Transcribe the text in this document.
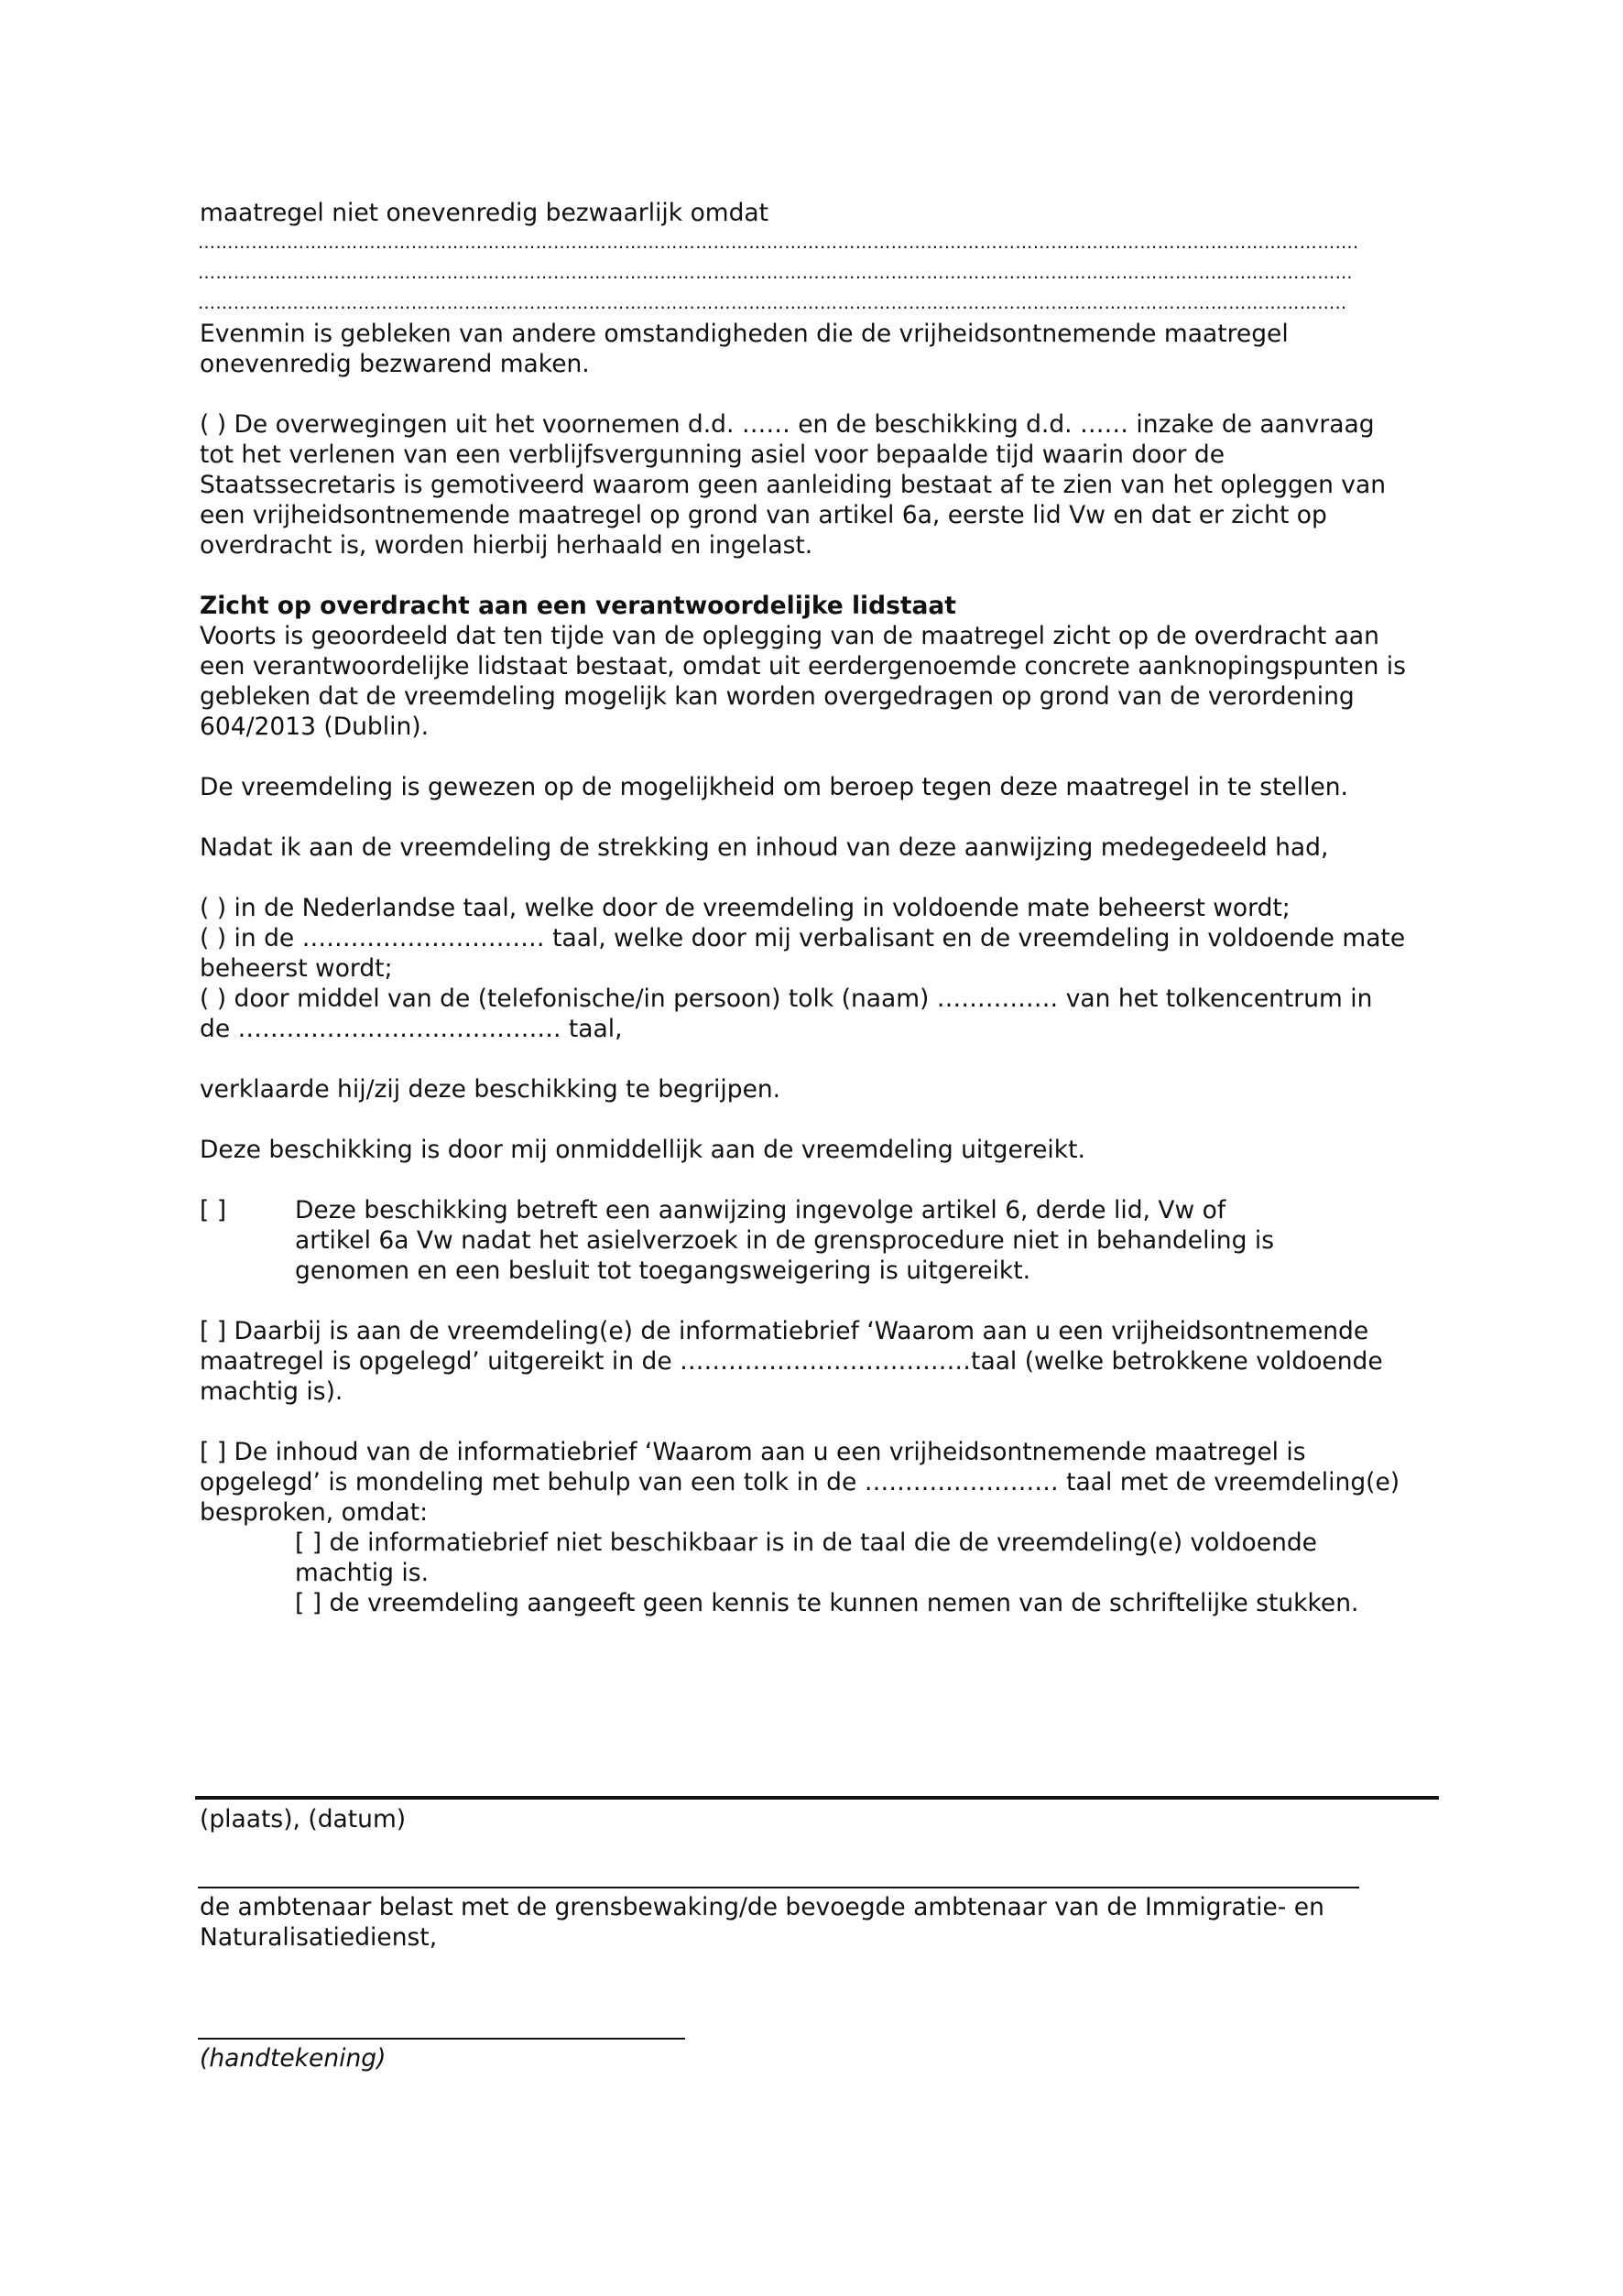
maatregel niet onevenredig bezwaarlijk omdat

…………………………………………………………………………………………………………………………………………………………………………….
……………………………………………………………………………………………………………………………………………………………………………
…………………………………………………………………………………………………………………………………………………………………………..

Evenmin is gebleken van andere omstandigheden die de vrijheidsontnemende maatregel

onevenredig bezwarend maken.

( ) De overwegingen uit het voornemen d.d. …… en de beschikking d.d. …… inzake de aanvraag

tot het verlenen van een verblijfsvergunning asiel voor bepaalde tijd waarin door de

Staatssecretaris is gemotiveerd waarom geen aanleiding bestaat af te zien van het opleggen van

een vrijheidsontnemende maatregel op grond van artikel 6a, eerste lid Vw en dat er zicht op

overdracht is, worden hierbij herhaald en ingelast.

Zicht op overdracht aan een verantwoordelijke lidstaat

Voorts is geoordeeld dat ten tijde van de oplegging van de maatregel zicht op de overdracht aan

een verantwoordelijke lidstaat bestaat, omdat uit eerdergenoemde concrete aanknopingspunten is

gebleken dat de vreemdeling mogelijk kan worden overgedragen op grond van de verordening

604/2013 (Dublin).

De vreemdeling is gewezen op de mogelijkheid om beroep tegen deze maatregel in te stellen.

Nadat ik aan de vreemdeling de strekking en inhoud van deze aanwijzing medegedeeld had,

( ) in de Nederlandse taal, welke door de vreemdeling in voldoende mate beheerst wordt;

( ) in de ………………………… taal, welke door mij verbalisant en de vreemdeling in voldoende mate

beheerst wordt;

( ) door middel van de (telefonische/in persoon) tolk (naam) …………… van het tolkencentrum in

de …………………………………. taal,

verklaarde hij/zij deze beschikking te begrijpen.

Deze beschikking is door mij onmiddellijk aan de vreemdeling uitgereikt.

[ ]	Deze beschikking betreft een aanwijzing ingevolge artikel 6, derde lid, Vw of

artikel 6a Vw nadat het asielverzoek in de grensprocedure niet in behandeling is

genomen en een besluit tot toegangsweigering is uitgereikt.

[ ] Daarbij is aan de vreemdeling(e) de informatiebrief ‘Waarom aan u een vrijheidsontnemende

maatregel is opgelegd’ uitgereikt in de ………………………………taal (welke betrokkene voldoende

machtig is).

[ ] De inhoud van de informatiebrief ‘Waarom aan u een vrijheidsontnemende maatregel is

opgelegd’ is mondeling met behulp van een tolk in de …………………… taal met de vreemdeling(e)

besproken, omdat:

[ ] de informatiebrief niet beschikbaar is in de taal die de vreemdeling(e) voldoende

machtig is.

[ ] de vreemdeling aangeeft geen kennis te kunnen nemen van de schriftelijke stukken.

(plaats), (datum)

de ambtenaar belast met de grensbewaking/de bevoegde ambtenaar van de Immigratie- en

Naturalisatiedienst,

(handtekening)
